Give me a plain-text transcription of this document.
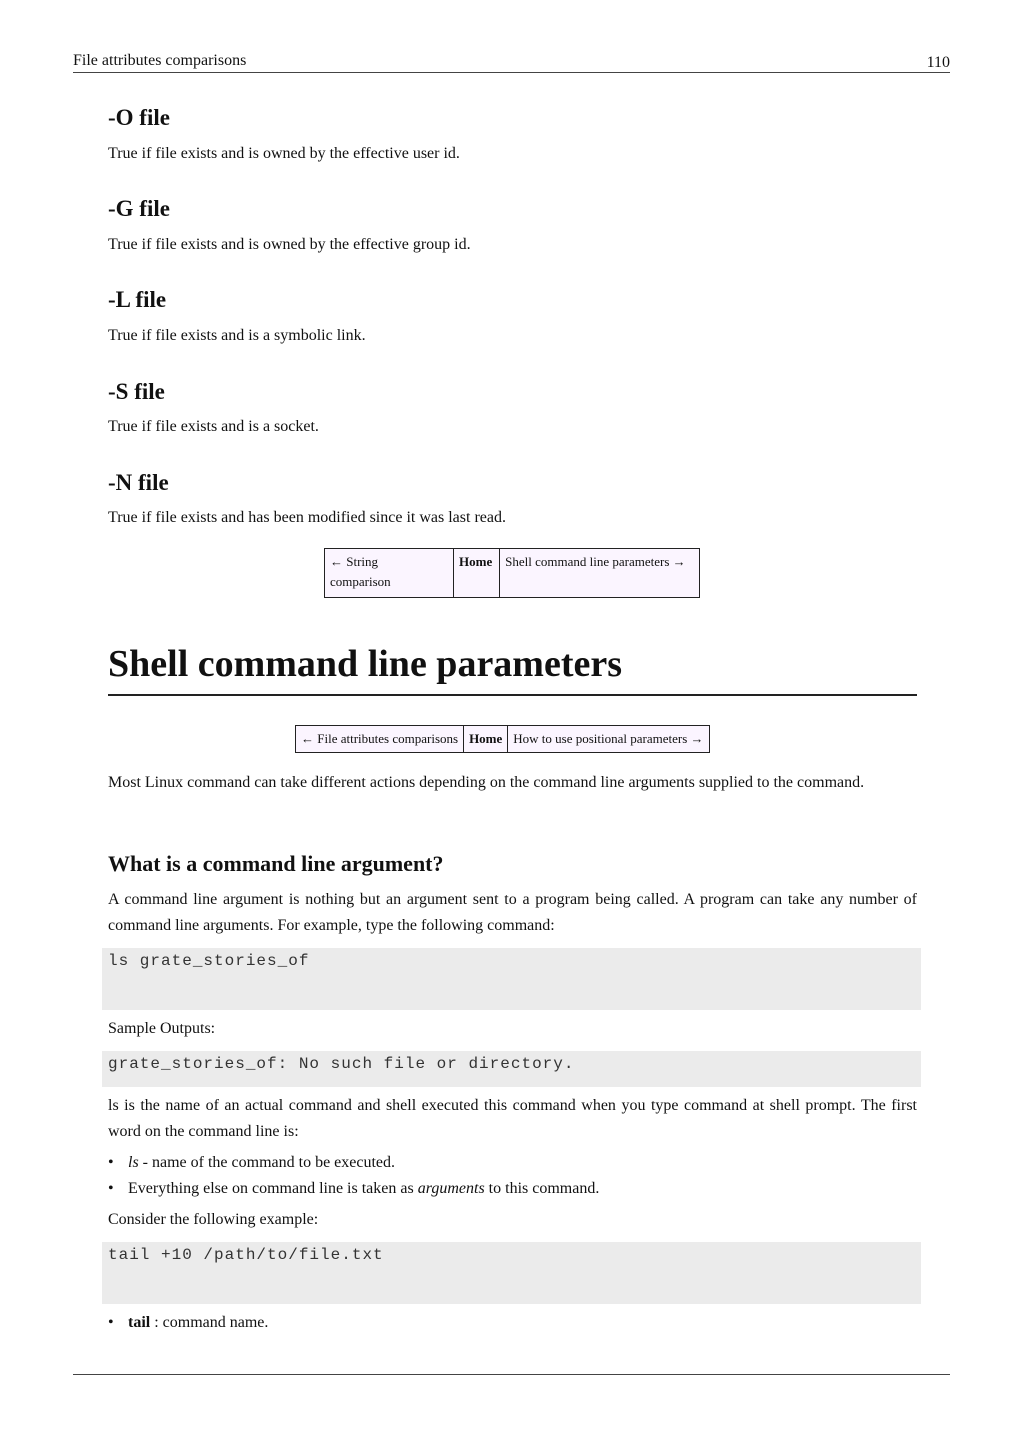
File attributes comparisons	110
-O file

True if file exists and is owned by the effective user id.

-G file

True if file exists and is owned by the effective group id.

-L file

True if file exists and is a symbolic link.

-S file

True if file exists and is a socket.

-N file

True if file exists and has been modified since it was last read.

← String
comparison	Home	Shell command line parameters →
Shell command line parameters
← File attributes comparisons	Home	How to use positional parameters →

Most Linux command can take different actions depending on the command line arguments supplied to the command.

What is a command line argument?

A command line argument is nothing but an argument sent to a program being called. A program can take any number of command line arguments. For example, type the following command:

ls grate_stories_of

Sample Outputs:

grate_stories_of: No such file or directory.

ls is the name of an actual command and shell executed this command when you type command at shell prompt. The first word on the command line is:

• ls - name of the command to be executed.
• Everything else on command line is taken as arguments to this command.

Consider the following example:

tail +10 /path/to/file.txt
• tail : command name.
